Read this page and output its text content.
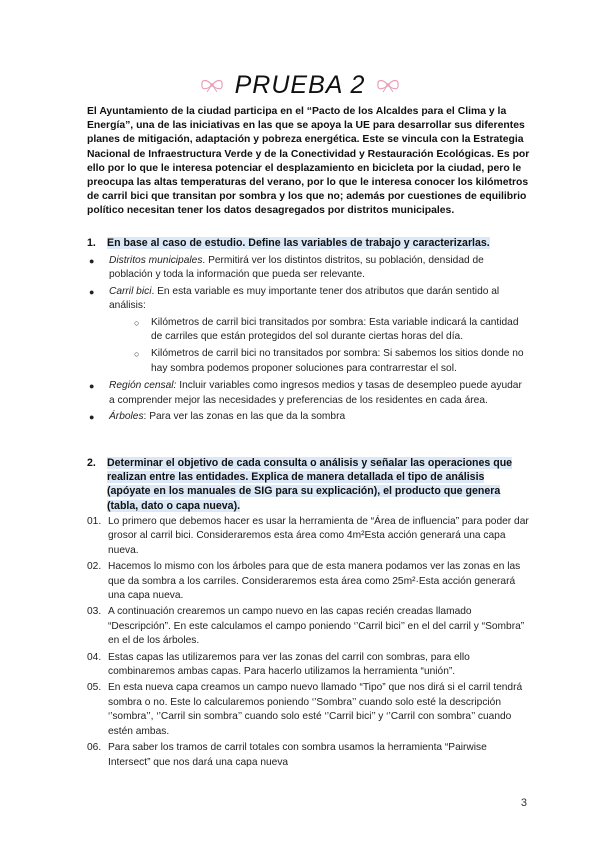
PRUEBA 2
El Ayuntamiento de la ciudad participa en el “Pacto de los Alcaldes para el Clima y la Energía”, una de las iniciativas en las que se apoya la UE para desarrollar sus diferentes planes de mitigación, adaptación y pobreza energética. Este se vincula con la Estrategia Nacional de Infraestructura Verde y de la Conectividad y Restauración Ecológicas. Es por ello por lo que le interesa potenciar el desplazamiento en bicicleta por la ciudad, pero le preocupa las altas temperaturas del verano, por lo que le interesa conocer los kilómetros de carril bici que transitan por sombra y los que no; además por cuestiones de equilibrio político necesitan tener los datos desagregados por distritos municipales.
1. En base al caso de estudio. Define las variables de trabajo y caracterizarlas.
● Distritos municipales. Permitirá ver los distintos distritos, su población, densidad de población y toda la información que pueda ser relevante.
● Carril bici. En esta variable es muy importante tener dos atributos que darán sentido al análisis:
○ Kilómetros de carril bici transitados por sombra: Esta variable indicará la cantidad de carriles que están protegidos del sol durante ciertas horas del día.
○ Kilómetros de carril bici no transitados por sombra: Si sabemos los sitios donde no hay sombra podemos proponer soluciones para contrarrestar el sol.
● Región censal: Incluir variables como ingresos medios y tasas de desempleo puede ayudar a comprender mejor las necesidades y preferencias de los residentes en cada área.
● Árboles: Para ver las zonas en las que da la sombra
2. Determinar el objetivo de cada consulta o análisis y señalar las operaciones que realizan entre las entidades. Explica de manera detallada el tipo de análisis (apóyate en los manuales de SIG para su explicación), el producto que genera (tabla, dato o capa nueva).
01. Lo primero que debemos hacer es usar la herramienta de “Área de influencia” para poder dar grosor al carril bici. Consideraremos esta área como 4m²Esta acción generará una capa nueva.
02. Hacemos lo mismo con los árboles para que de esta manera podamos ver las zonas en las que da sombra a los carriles. Consideraremos esta área como 25m²·Esta acción generará una capa nueva.
03. A continuación crearemos un campo nuevo en las capas recién creadas llamado “Descripción”. En este calculamos el campo poniendo ‘’Carril bici’’ en el del carril y “Sombra” en el de los árboles.
04. Estas capas las utilizaremos para ver las zonas del carril con sombras, para ello combinaremos ambas capas. Para hacerlo utilizamos la herramienta “unión”.
05. En esta nueva capa creamos un campo nuevo llamado “Tipo” que nos dirá si el carril tendrá sombra o no. Este lo calcularemos poniendo ‘’Sombra’’ cuando solo esté la descripción ‘’sombra’’, ‘’Carril sin sombra’’ cuando solo esté ‘’Carril bici’’ y ‘’Carril con sombra’’ cuando estén ambas.
06. Para saber los tramos de carril totales con sombra usamos la herramienta “Pairwise Intersect” que nos dará una capa nueva
3
